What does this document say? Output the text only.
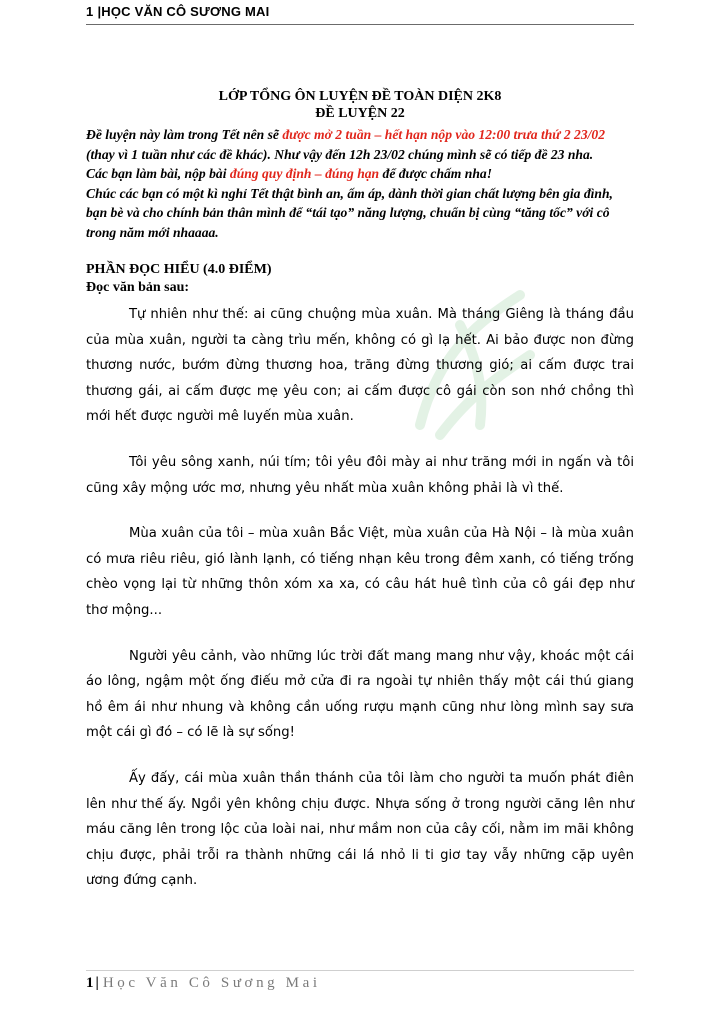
1 |HỌC VĂN CÔ SƯƠNG MAI
LỚP TỔNG ÔN LUYỆN ĐỀ TOÀN DIỆN 2K8
ĐỀ LUYỆN 22
Đề luyện này làm trong Tết nên sẽ được mở 2 tuần – hết hạn nộp vào 12:00 trưa thứ 2 23/02 (thay vì 1 tuần như các đề khác). Như vậy đến 12h 23/02 chúng mình sẽ có tiếp đề 23 nha.
Các bạn làm bài, nộp bài đúng quy định – đúng hạn để được chấm nha!
Chúc các bạn có một kì nghỉ Tết thật bình an, ấm áp, dành thời gian chất lượng bên gia đình, bạn bè và cho chính bản thân mình để “tái tạo” năng lượng, chuẩn bị cùng “tăng tốc” với cô trong năm mới nhaaaa.
PHẦN ĐỌC HIỂU (4.0 ĐIỂM)
Đọc văn bản sau:

Tự nhiên như thế: ai cũng chuộng mùa xuân. Mà tháng Giêng là tháng đầu của mùa xuân, người ta càng trìu mến, không có gì lạ hết. Ai bảo được non đừng thương nước, bướm đừng thương hoa, trăng đừng thương gió; ai cấm được trai thương gái, ai cấm được mẹ yêu con; ai cấm được cô gái còn son nhớ chồng thì mới hết được người mê luyến mùa xuân.

Tôi yêu sông xanh, núi tím; tôi yêu đôi mày ai như trăng mới in ngấn và tôi cũng xây mộng ước mơ, nhưng yêu nhất mùa xuân không phải là vì thế.

Mùa xuân của tôi – mùa xuân Bắc Việt, mùa xuân của Hà Nội – là mùa xuân có mưa riêu riêu, gió lành lạnh, có tiếng nhạn kêu trong đêm xanh, có tiếng trống chèo vọng lại từ những thôn xóm xa xa, có câu hát huê tình của cô gái đẹp như thơ mộng...

Người yêu cảnh, vào những lúc trời đất mang mang như vậy, khoác một cái áo lông, ngậm một ống điếu mở cửa đi ra ngoài tự nhiên thấy một cái thú giang hồ êm ái như nhung và không cần uống rượu mạnh cũng như lòng mình say sưa một cái gì đó – có lẽ là sự sống!

Ấy đấy, cái mùa xuân thần thánh của tôi làm cho người ta muốn phát điên lên như thế ấy. Ngồi yên không chịu được. Nhựa sống ở trong người căng lên như máu căng lên trong lộc của loài nai, như mầm non của cây cối, nằm im mãi không chịu được, phải trỗi ra thành những cái lá nhỏ li ti giơ tay vẫy những cặp uyên ương đứng cạnh.

1 | Học Văn Cô Sương Mai
